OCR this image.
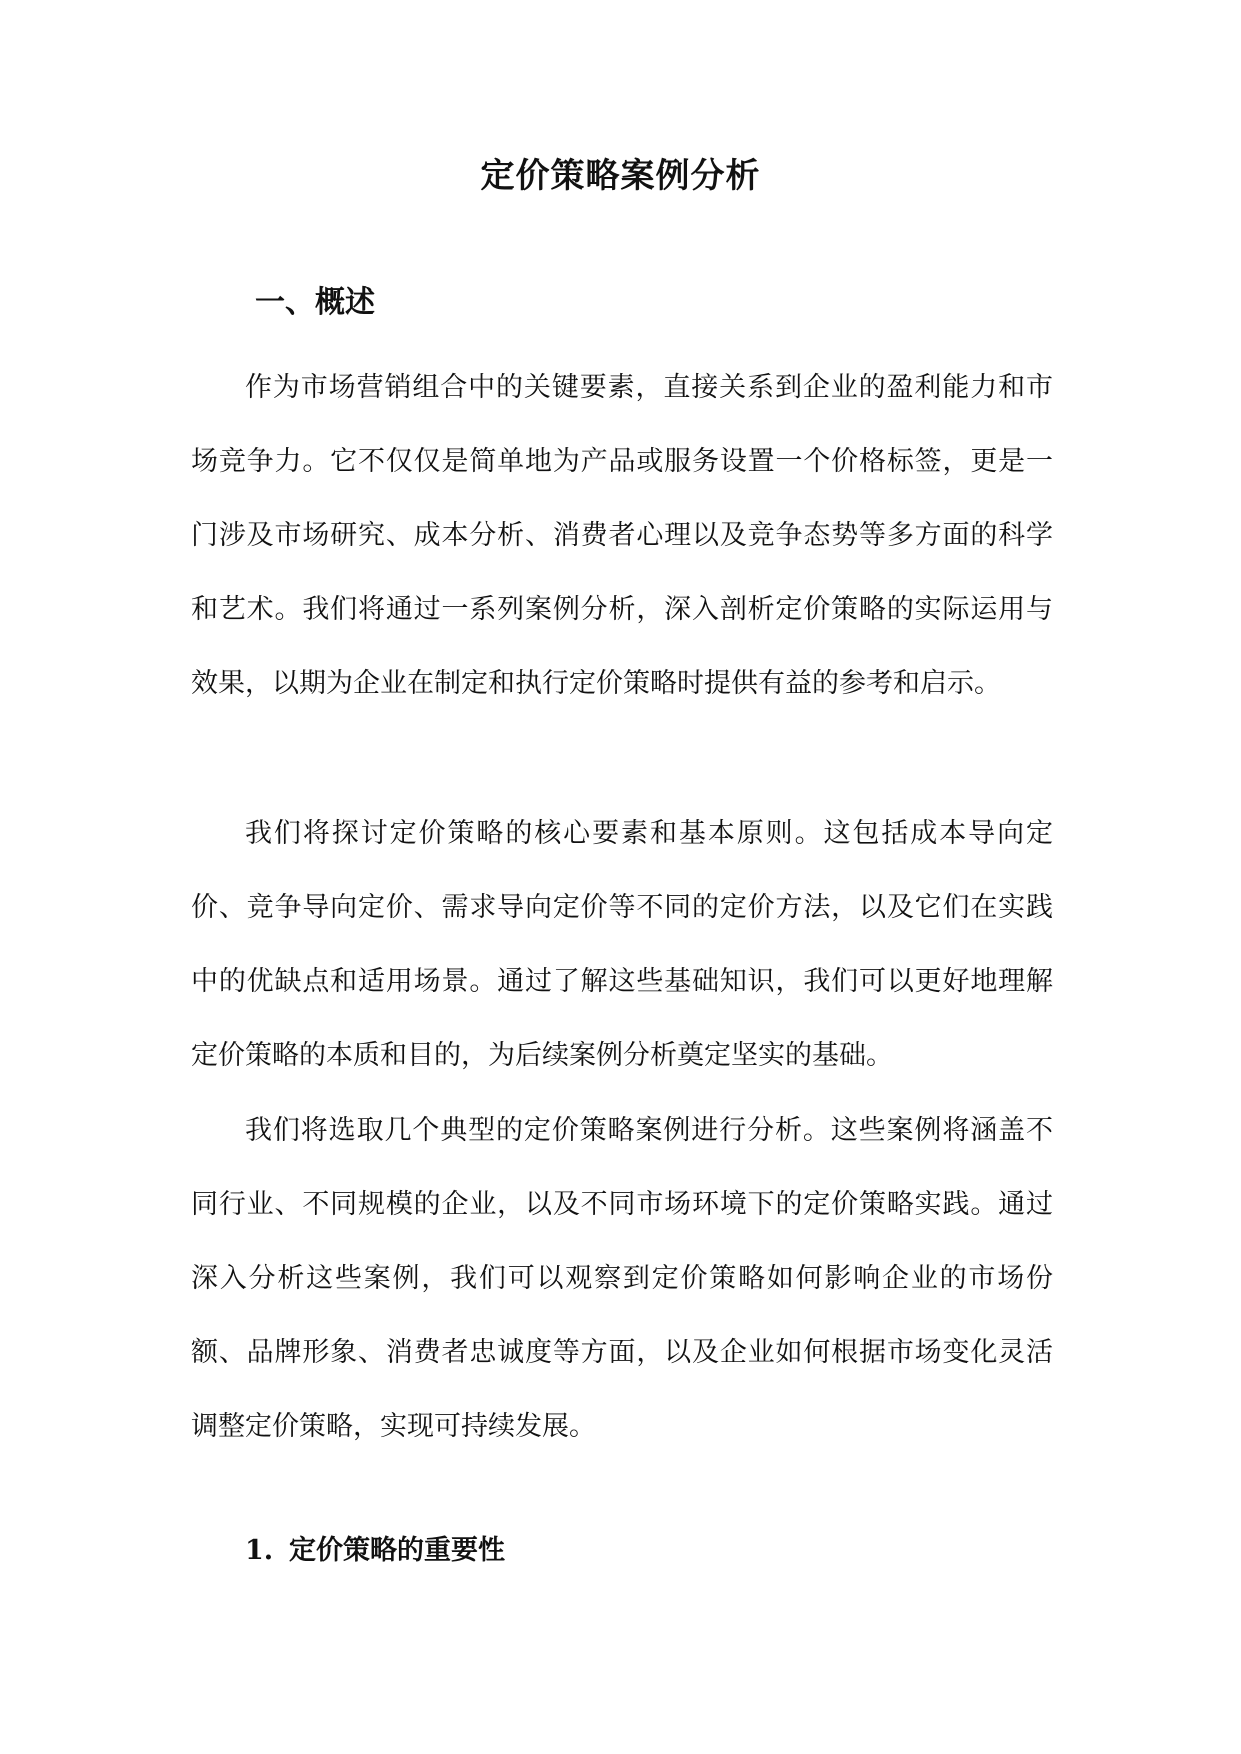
定价策略案例分析
一、概述

作为市场营销组合中的关键要素，直接关系到企业的盈利能力和市场竞争力。它不仅仅是简单地为产品或服务设置一个价格标签，更是一门涉及市场研究、成本分析、消费者心理以及竞争态势等多方面的科学和艺术。我们将通过一系列案例分析，深入剖析定价策略的实际运用与效果，以期为企业在制定和执行定价策略时提供有益的参考和启示。

我们将探讨定价策略的核心要素和基本原则。这包括成本导向定价、竞争导向定价、需求导向定价等不同的定价方法，以及它们在实践中的优缺点和适用场景。通过了解这些基础知识，我们可以更好地理解定价策略的本质和目的，为后续案例分析奠定坚实的基础。

我们将选取几个典型的定价策略案例进行分析。这些案例将涵盖不同行业、不同规模的企业，以及不同市场环境下的定价策略实践。通过深入分析这些案例，我们可以观察到定价策略如何影响企业的市场份额、品牌形象、消费者忠诚度等方面，以及企业如何根据市场变化灵活调整定价策略，实现可持续发展。

1. 定价策略的重要性
